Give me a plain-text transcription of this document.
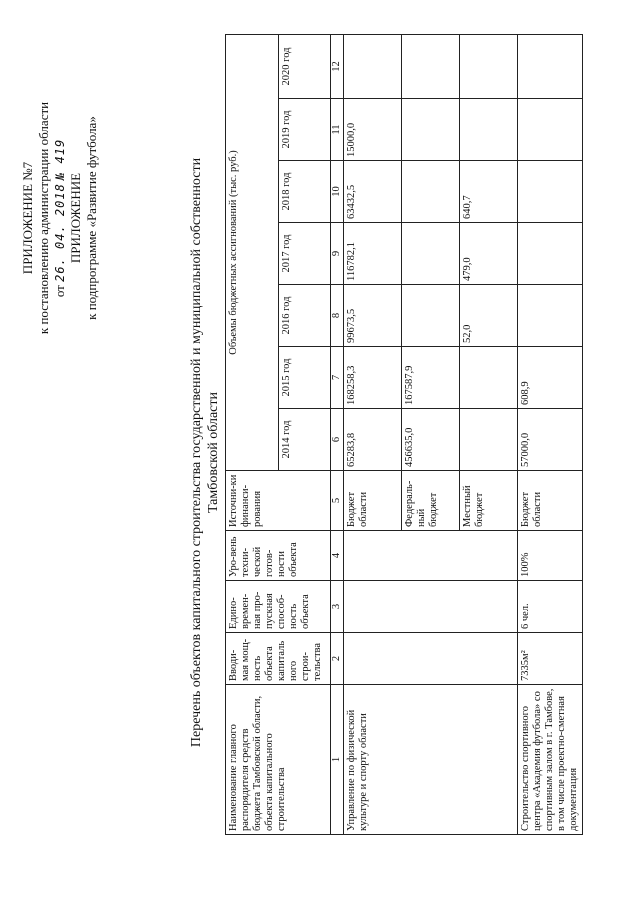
ПРИЛОЖЕНИЕ №7 к постановлению администрации области от 26. 04. 2018 № 419
ПРИЛОЖЕНИЕ к подпрограмме «Развитие футбола»	Перечень объектов капитального строительства государственной и муниципальной собственности Тамбовской области
Наименование главного распорядителя средств бюджета Тамбовской области, объекта капитального строительства	Вводи-мая мощ-ность объекта капиталь ного строи-тельства	Едино-времен-ная про-пускная способ-ность объекта	Уро-вень техни-ческой готов-ности объекта	Источни-ки финанси-рования	Объемы бюджетных ассигнований (тыс. руб.)						
					2014 год	2015 год	2016 год	2017 год	2018 год	2019 год	2020 год
1	2	3	4	5	6	7	8	9	10	11	12
Управление по физической культуре и спорту области				Бюджет области	65283,8	168258,3	99673,5	116782,1	63432,5	15000,0	
				Федераль-ный бюджет	456635,0	167587,9					
				Местный бюджет			52,0	479,0	640,7		
Строительство спортивного центра «Академия футбола» со спортивным залом в г. Тамбове, в том числе проектно-сметная документация	7335м²	6 чел.	100%	Бюджет области	57000,0	608,9					
